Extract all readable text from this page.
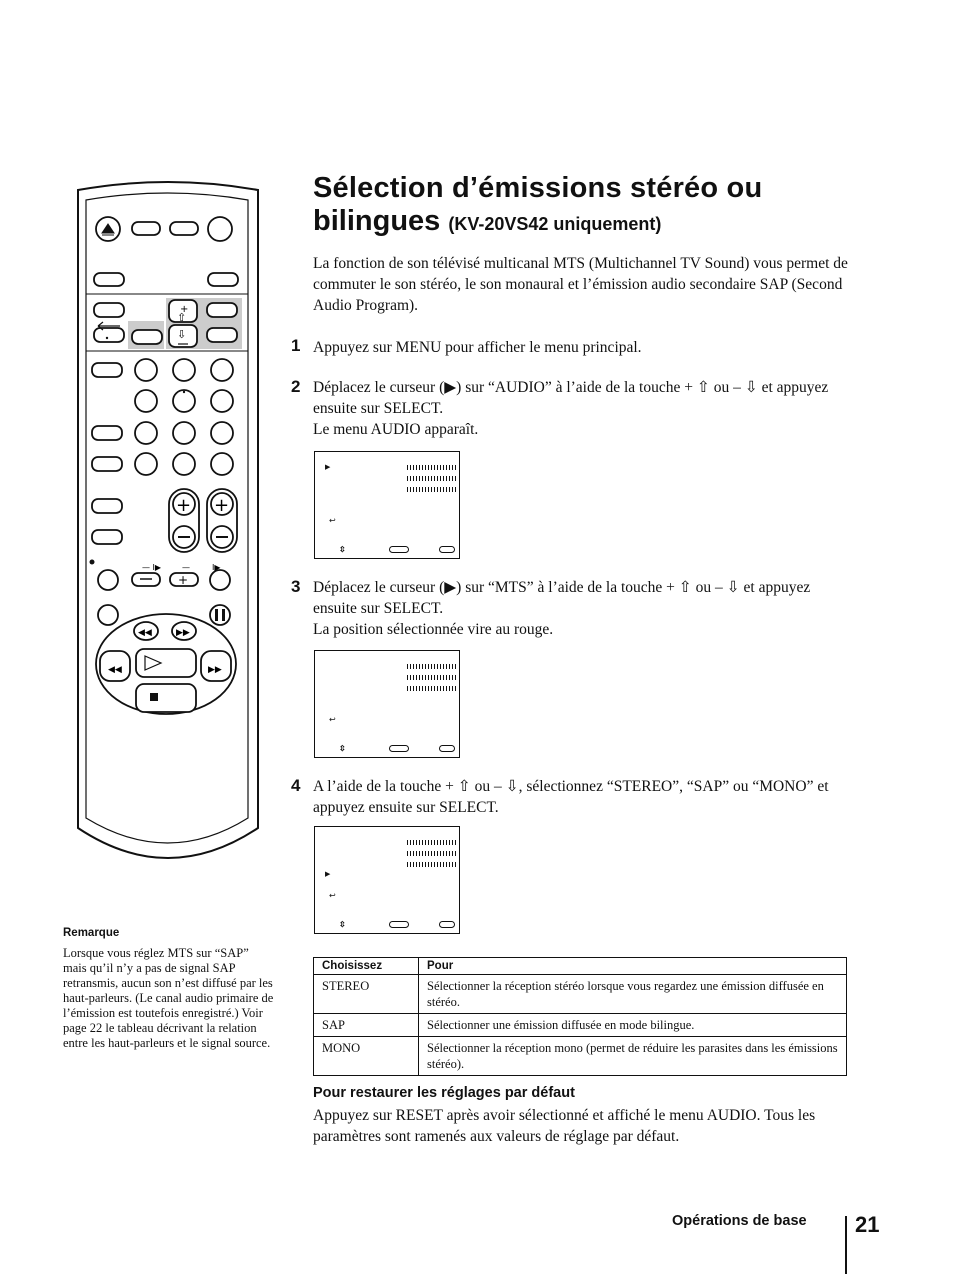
+
⇧
⇩
+ +
— I▶	—	I▶
+
◀◀	▶▶
◀◀	▶▶
Sélection d’émissions stéréo ou
bilingues (KV-20VS42 uniquement)
La fonction de son télévisé multicanal MTS (Multichannel TV Sound) vous permet de commuter le son stéréo, le son monaural et l’émission audio secondaire SAP (Second Audio Program).
1 Appuyez sur MENU pour afficher le menu principal.
2 Déplacez le curseur (▶) sur “AUDIO” à l’aide de la touche + ⇧ ou – ⇩ et appuyez ensuite sur SELECT.
Le menu AUDIO apparaît.
▶
↩
⇳
3 Déplacez le curseur (▶) sur “MTS” à l’aide de la touche + ⇧ ou – ⇩ et appuyez ensuite sur SELECT.
La position sélectionnée vire au rouge.
↩
⇳
4 A l’aide de la touche + ⇧ ou – ⇩, sélectionnez “STEREO”, “SAP” ou “MONO” et appuyez ensuite sur SELECT.
▶
↩
⇳
Choisissez	Pour
STEREO	Sélectionner la réception stéréo lorsque vous regardez une émission diffusée en stéréo.
SAP	Sélectionner une émission diffusée en mode bilingue.
MONO	Sélectionner la réception mono (permet de réduire les parasites dans les émissions stéréo).
Pour restaurer les réglages par défaut
Appuyez sur RESET après avoir sélectionné et affiché le menu AUDIO. Tous les paramètres sont ramenés aux valeurs de réglage par défaut.
Remarque
Lorsque vous réglez MTS sur “SAP” mais qu’il n’y a pas de signal SAP retransmis, aucun son n’est diffusé par les haut-parleurs. (Le canal audio primaire de l’émission est toutefois enregistré.) Voir page 22 le tableau décrivant la relation entre les haut-parleurs et le signal source.
Opérations de base 21
